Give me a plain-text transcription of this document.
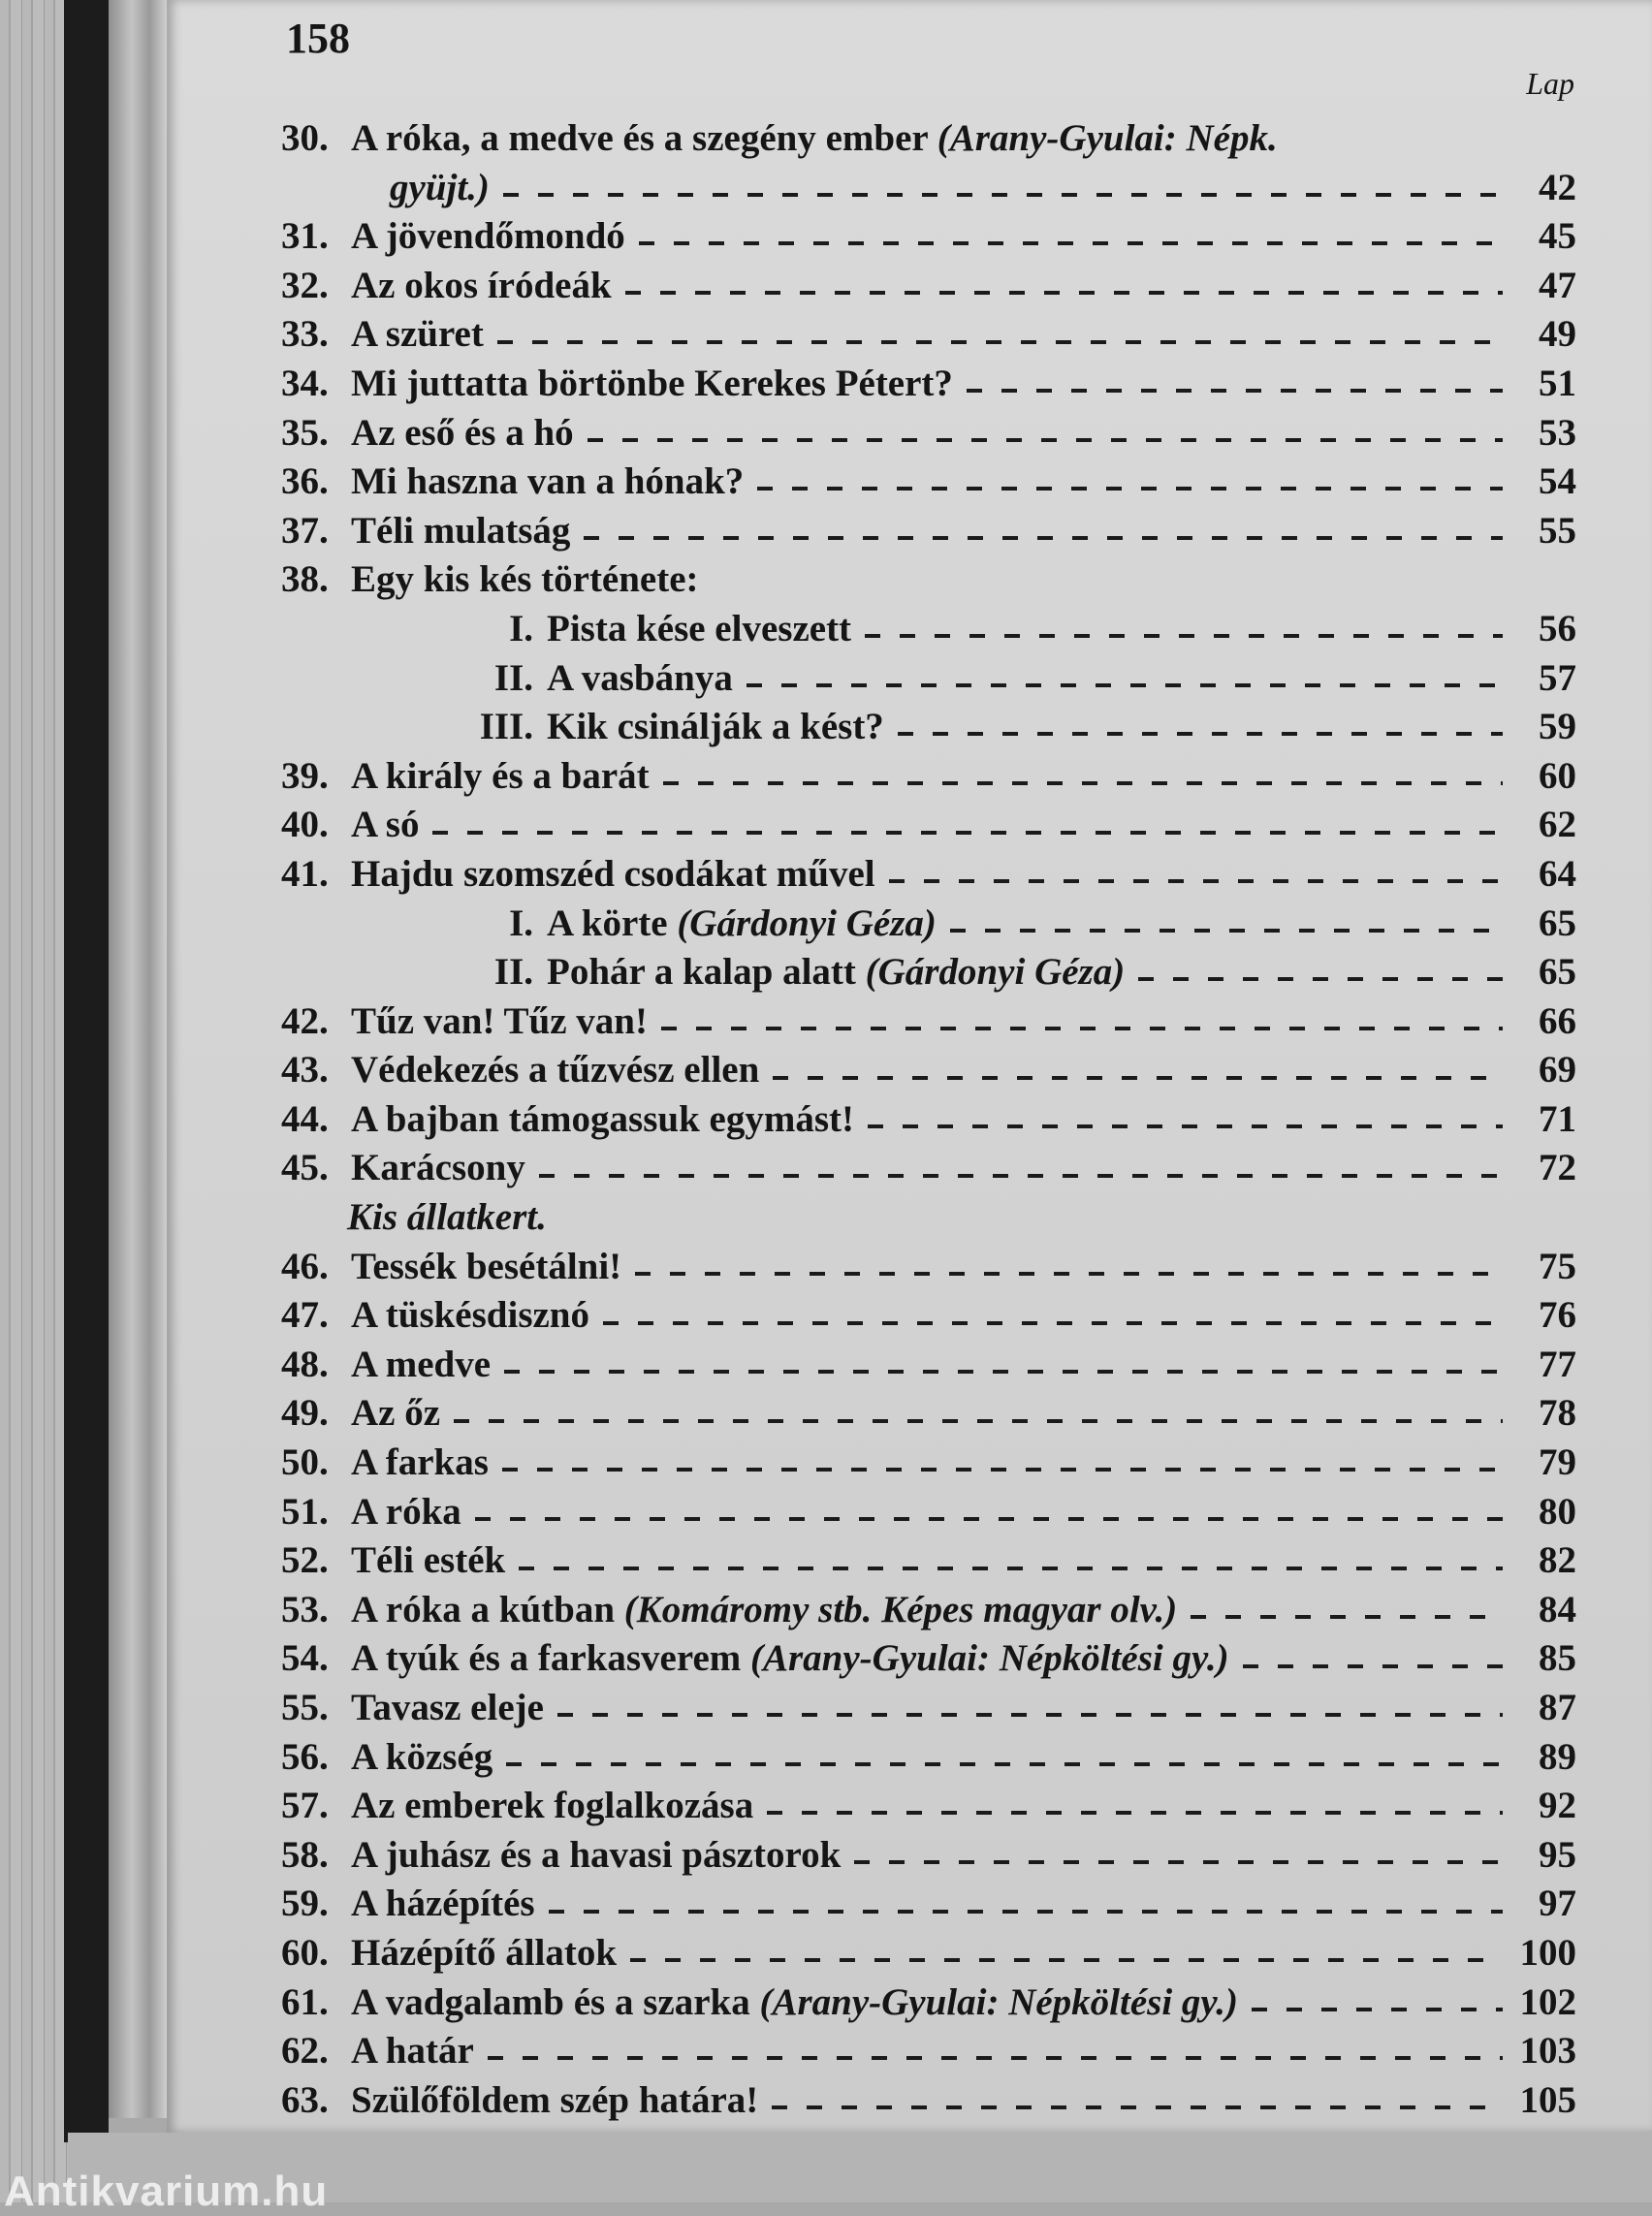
Antikvarium.hu
158
Lap
30. A róka, a medve és a szegény ember (Arany-Gyulai: Népk.
gyüjt.)	42
31. A jövendőmondó	45
32. Az okos íródeák	47
33. A szüret	49
34. Mi juttatta börtönbe Kerekes Pétert?	51
35. Az eső és a hó	53
36. Mi haszna van a hónak?	54
37. Téli mulatság	55
38. Egy kis kés története:
I. Pista kése elveszett	56
II. A vasbánya	57
III. Kik csinálják a kést?	59
39. A király és a barát	60
40. A só	62
41. Hajdu szomszéd csodákat művel	64
I. A körte (Gárdonyi Géza)	65
II. Pohár a kalap alatt (Gárdonyi Géza)	65
42. Tűz van! Tűz van!	66
43. Védekezés a tűzvész ellen	69
44. A bajban támogassuk egymást!	71
45. Karácsony	72
Kis állatkert.
46. Tessék besétálni!	75
47. A tüskésdisznó	76
48. A medve	77
49. Az őz	78
50. A farkas	79
51. A róka	80
52. Téli esték	82
53. A róka a kútban (Komáromy stb. Képes magyar olv.)	84
54. A tyúk és a farkasverem (Arany-Gyulai: Népköltési gy.)	85
55. Tavasz eleje	87
56. A község	89
57. Az emberek foglalkozása	92
58. A juhász és a havasi pásztorok	95
59. A házépítés	97
60. Házépítő állatok	100
61. A vadgalamb és a szarka (Arany-Gyulai: Népköltési gy.)	102
62. A határ	103
63. Szülőföldem szép határa!	105
